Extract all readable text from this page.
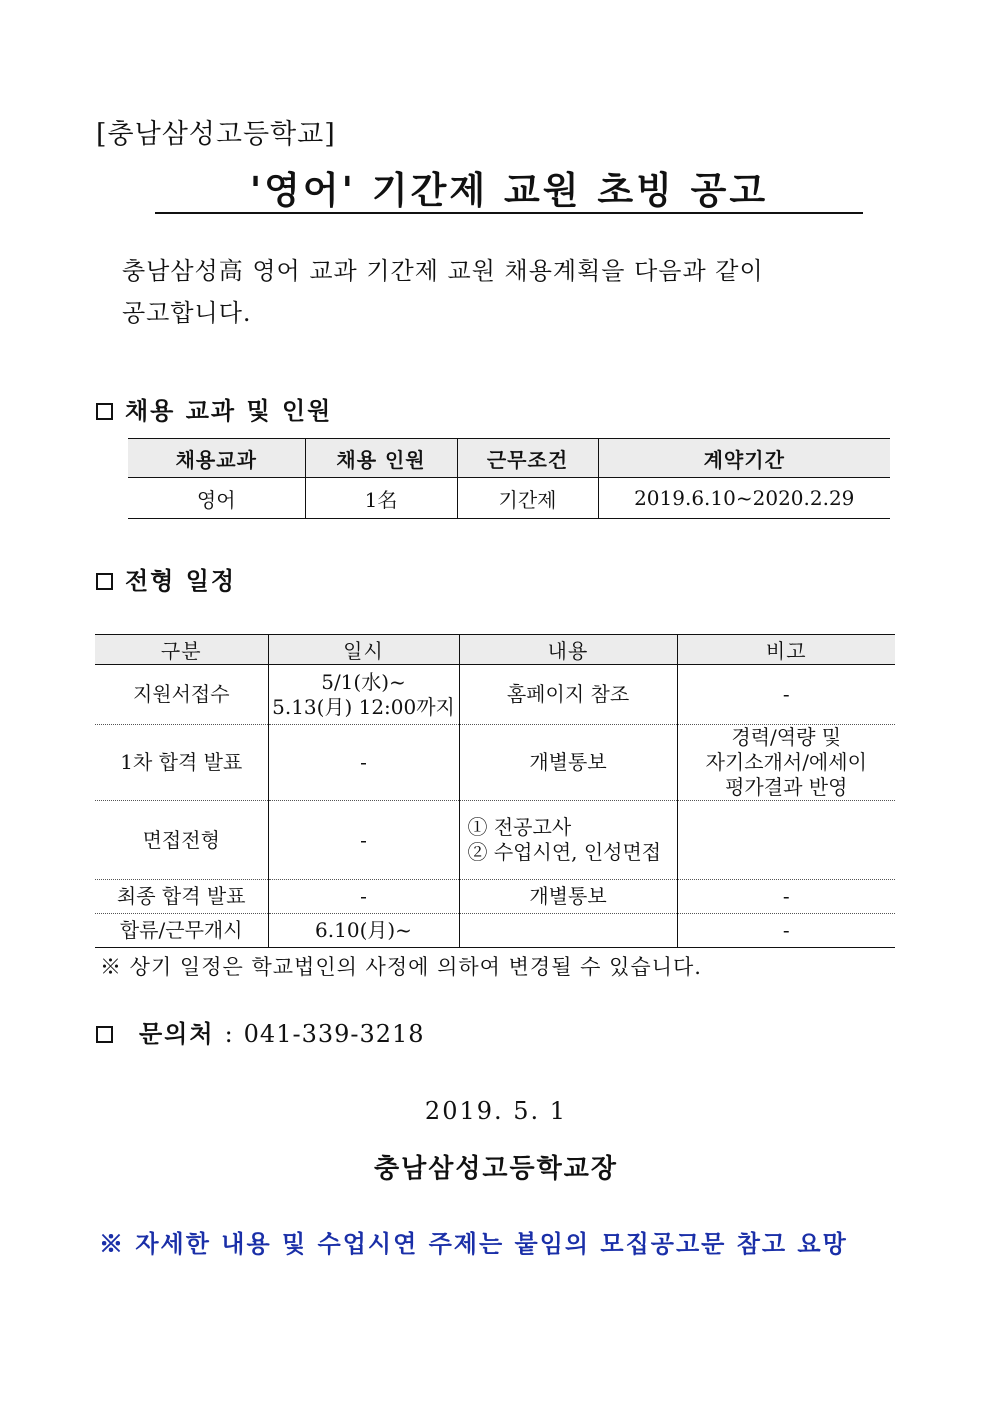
[충남삼성고등학교]
'영어' 기간제 교원 초빙 공고
충남삼성高 영어 교과 기간제 교원 채용계획을 다음과 같이
공고합니다.
채용 교과 및 인원
채용교과	채용 인원	근무조건	계약기간
영어	1名	기간제	2019.6.10~2020.2.29
전형 일정
구분	일시	내용	비고
지원서접수	5/1(水)~
5.13(月) 12:00까지	홈페이지 참조	-
1차 합격 발표	-	개별통보	경력/역량 및
자기소개서/에세이
평가결과 반영

면접전형	-	① 전공고사
② 수업시연, 인성면접	

최종 합격 발표	-	개별통보	-
합류/근무개시	6.10(月)~		-
※ 상기 일정은 학교법인의 사정에 의하여 변경될 수 있습니다.
문의처 : 041-339-3218
2019. 5. 1
충남삼성고등학교장
※ 자세한 내용 및 수업시연 주제는 붙임의 모집공고문 참고 요망
